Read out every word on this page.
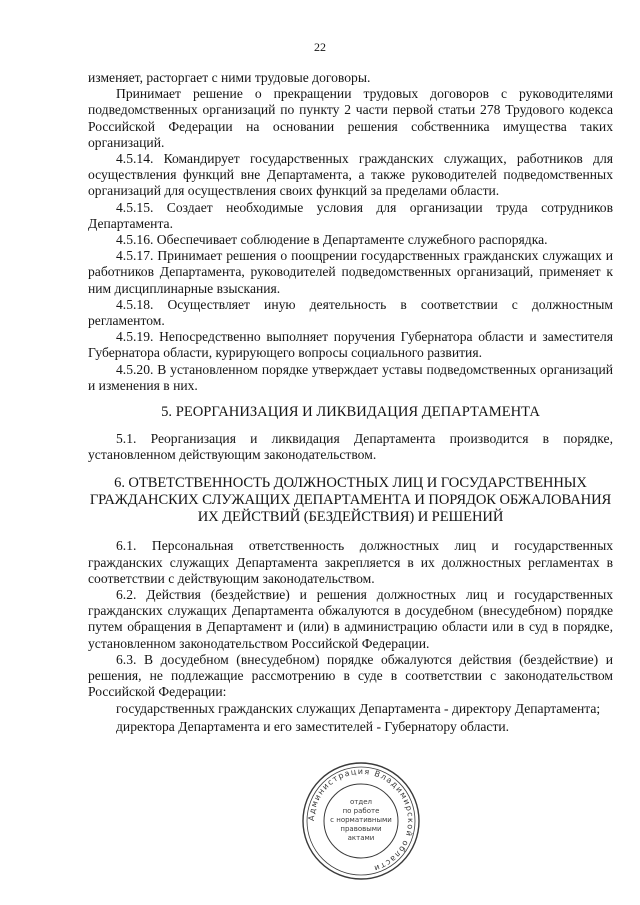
22

изменяет, расторгает с ними трудовые договоры.

Принимает решение о прекращении трудовых договоров с руководителями подведомственных организаций по пункту 2 части первой статьи 278 Трудового кодекса Российской Федерации на основании решения собственника имущества таких организаций.

4.5.14. Командирует государственных гражданских служащих, работников для осуществления функций вне Департамента, а также руководителей подведомственных организаций для осуществления своих функций за пределами области.

4.5.15. Создает необходимые условия для организации труда сотрудников Департамента.

4.5.16. Обеспечивает соблюдение в Департаменте служебного распорядка.

4.5.17. Принимает решения о поощрении государственных гражданских служащих и работников Департамента, руководителей подведомственных организаций, применяет к ним дисциплинарные взыскания.

4.5.18. Осуществляет иную деятельность в соответствии с должностным регламентом.

4.5.19. Непосредственно выполняет поручения Губернатора области и заместителя Губернатора области, курирующего вопросы социального развития.

4.5.20. В установленном порядке утверждает уставы подведомственных организаций и изменения в них.

5. РЕОРГАНИЗАЦИЯ И ЛИКВИДАЦИЯ ДЕПАРТАМЕНТА

5.1. Реорганизация и ликвидация Департамента производится в порядке, установленном действующим законодательством.

6. ОТВЕТСТВЕННОСТЬ ДОЛЖНОСТНЫХ ЛИЦ И ГОСУДАРСТВЕННЫХ ГРАЖДАНСКИХ СЛУЖАЩИХ ДЕПАРТАМЕНТА И ПОРЯДОК ОБЖАЛОВАНИЯ ИХ ДЕЙСТВИЙ (БЕЗДЕЙСТВИЯ) И РЕШЕНИЙ

6.1. Персональная ответственность должностных лиц и государственных гражданских служащих Департамента закрепляется в их должностных регламентах в соответствии с действующим законодательством.

6.2. Действия (бездействие) и решения должностных лиц и государственных гражданских служащих Департамента обжалуются в досудебном (внесудебном) порядке путем обращения в Департамент и (или) в администрацию области или в суд в порядке, установленном законодательством Российской Федерации.

6.3. В досудебном (внесудебном) порядке обжалуются действия (бездействие) и решения, не подлежащие рассмотрению в суде в соответствии с законодательством Российской Федерации:

государственных гражданских служащих Департамента - директору Департамента;

директора Департамента и его заместителей - Губернатору области.

Администрация Владимирской области
отдел
по работе
с нормативными
правовыми
актами
